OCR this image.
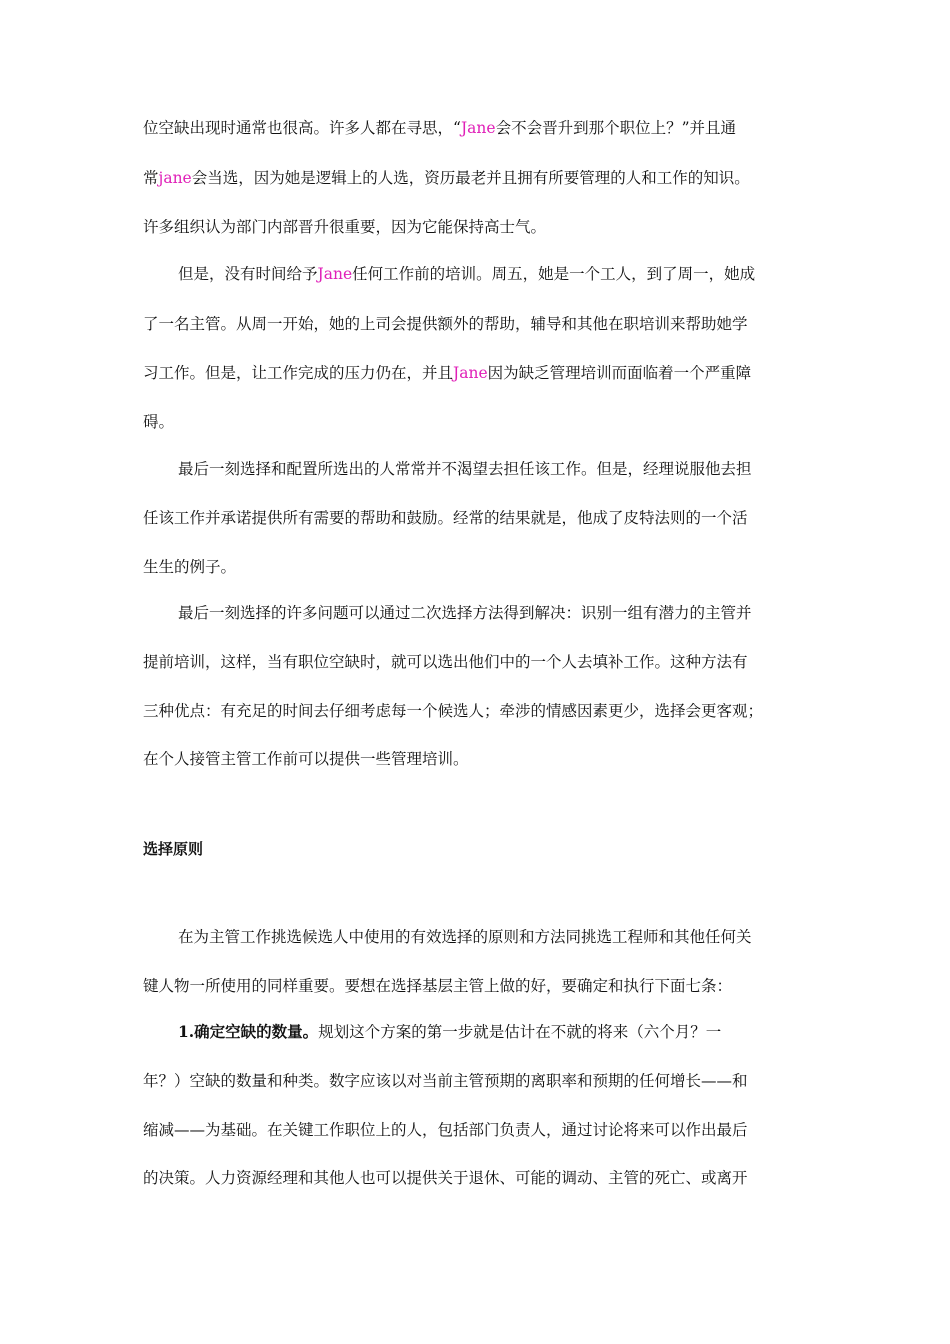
位空缺出现时通常也很高。许多人都在寻思，“Jane会不会晋升到那个职位上？”并且通
常jane会当选，因为她是逻辑上的人选，资历最老并且拥有所要管理的人和工作的知识。
许多组织认为部门内部晋升很重要，因为它能保持高士气。
但是，没有时间给予Jane任何工作前的培训。周五，她是一个工人，到了周一，她成
了一名主管。从周一开始，她的上司会提供额外的帮助，辅导和其他在职培训来帮助她学
习工作。但是，让工作完成的压力仍在，并且Jane因为缺乏管理培训而面临着一个严重障
碍。
最后一刻选择和配置所选出的人常常并不渴望去担任该工作。但是，经理说服他去担
任该工作并承诺提供所有需要的帮助和鼓励。经常的结果就是，他成了皮特法则的一个活
生生的例子。
最后一刻选择的许多问题可以通过二次选择方法得到解决：识别一组有潜力的主管并
提前培训，这样，当有职位空缺时，就可以选出他们中的一个人去填补工作。这种方法有
三种优点：有充足的时间去仔细考虑每一个候选人；牵涉的情感因素更少，选择会更客观；
在个人接管主管工作前可以提供一些管理培训。
选择原则
在为主管工作挑选候选人中使用的有效选择的原则和方法同挑选工程师和其他任何关
键人物一所使用的同样重要。要想在选择基层主管上做的好，要确定和执行下面七条：
1.确定空缺的数量。规划这个方案的第一步就是估计在不就的将来（六个月？一
年？）空缺的数量和种类。数字应该以对当前主管预期的离职率和预期的任何增长——和
缩减——为基础。在关键工作职位上的人，包括部门负责人，通过讨论将来可以作出最后
的决策。人力资源经理和其他人也可以提供关于退休、可能的调动、主管的死亡、或离开
